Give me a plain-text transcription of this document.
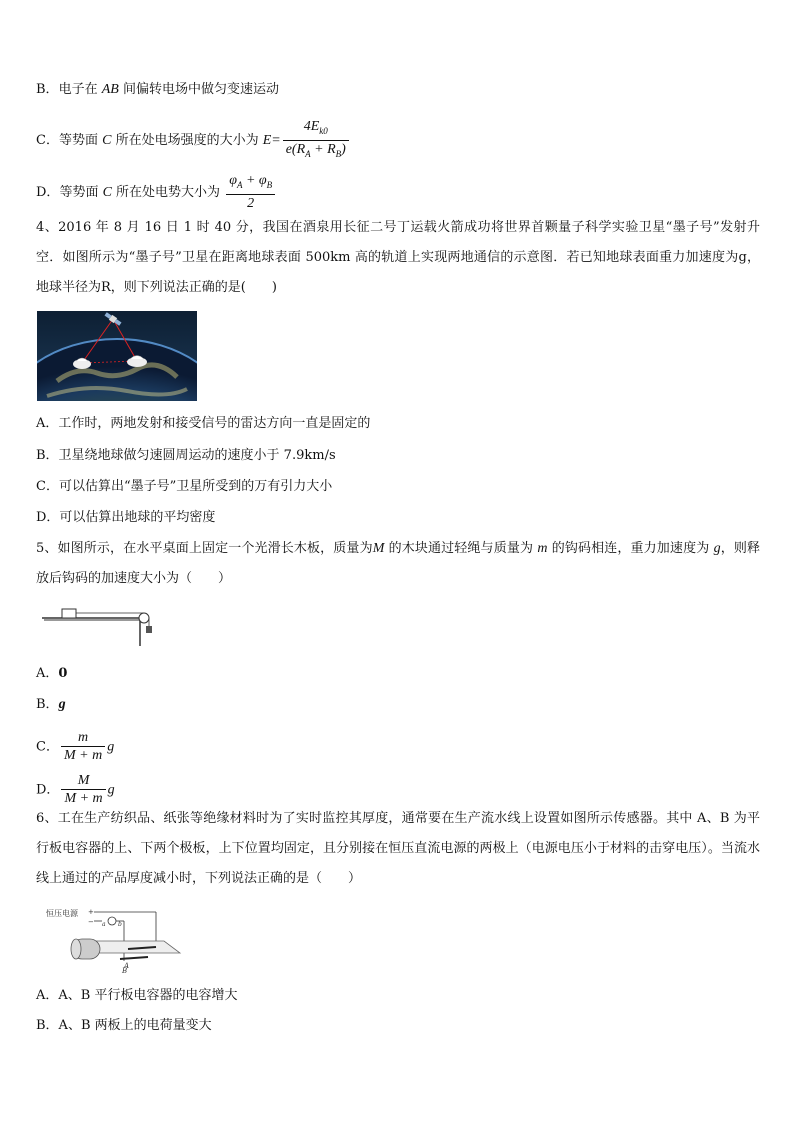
B．电子在 AB 间偏转电场中做匀变速运动
C．等势面 C 所在处电场强度的大小为 $E= \frac{4E_{k0}}{e(R_A + R_B)}$
D．等势面 C 所在处电势大小为 $\frac{\varphi_A + \varphi_B}{2}$
4、2016 年 8 月 16 日 1 时 40 分，我国在酒泉用长征二号丁运载火箭成功将世界首颗量子科学实验卫星“墨子号”发射升空．如图所示为“墨子号”卫星在距离地球表面 500km 高的轨道上实现两地通信的示意图．若已知地球表面重力加速度为g，地球半径为R，则下列说法正确的是(　　)
A．工作时，两地发射和接受信号的雷达方向一直是固定的
B．卫星绕地球做匀速圆周运动的速度小于 7.9km/s
C．可以估算出“墨子号”卫星所受到的万有引力大小
D．可以估算出地球的平均密度
5、如图所示，在水平桌面上固定一个光滑长木板，质量为M 的木块通过轻绳与质量为 m 的钩码相连，重力加速度为 g，则释放后钩码的加速度大小为（　　）
A．0
B．g
C． $\frac{m}{M + m}$ g
D． $\frac{M}{M + m}$ g
6、工在生产纺织品、纸张等绝缘材料时为了实时监控其厚度，通常要在生产流水线上设置如图所示传感器。其中 A、B 为平行板电容器的上、下两个极板，上下位置均固定，且分别接在恒压直流电源的两极上（电源电压小于材料的击穿电压）。当流水线上通过的产品厚度减小时，下列说法正确的是（　　）
恒压电源 +
− a b
A
B
A．A、B 平行板电容器的电容增大
B．A、B 两板上的电荷量变大
